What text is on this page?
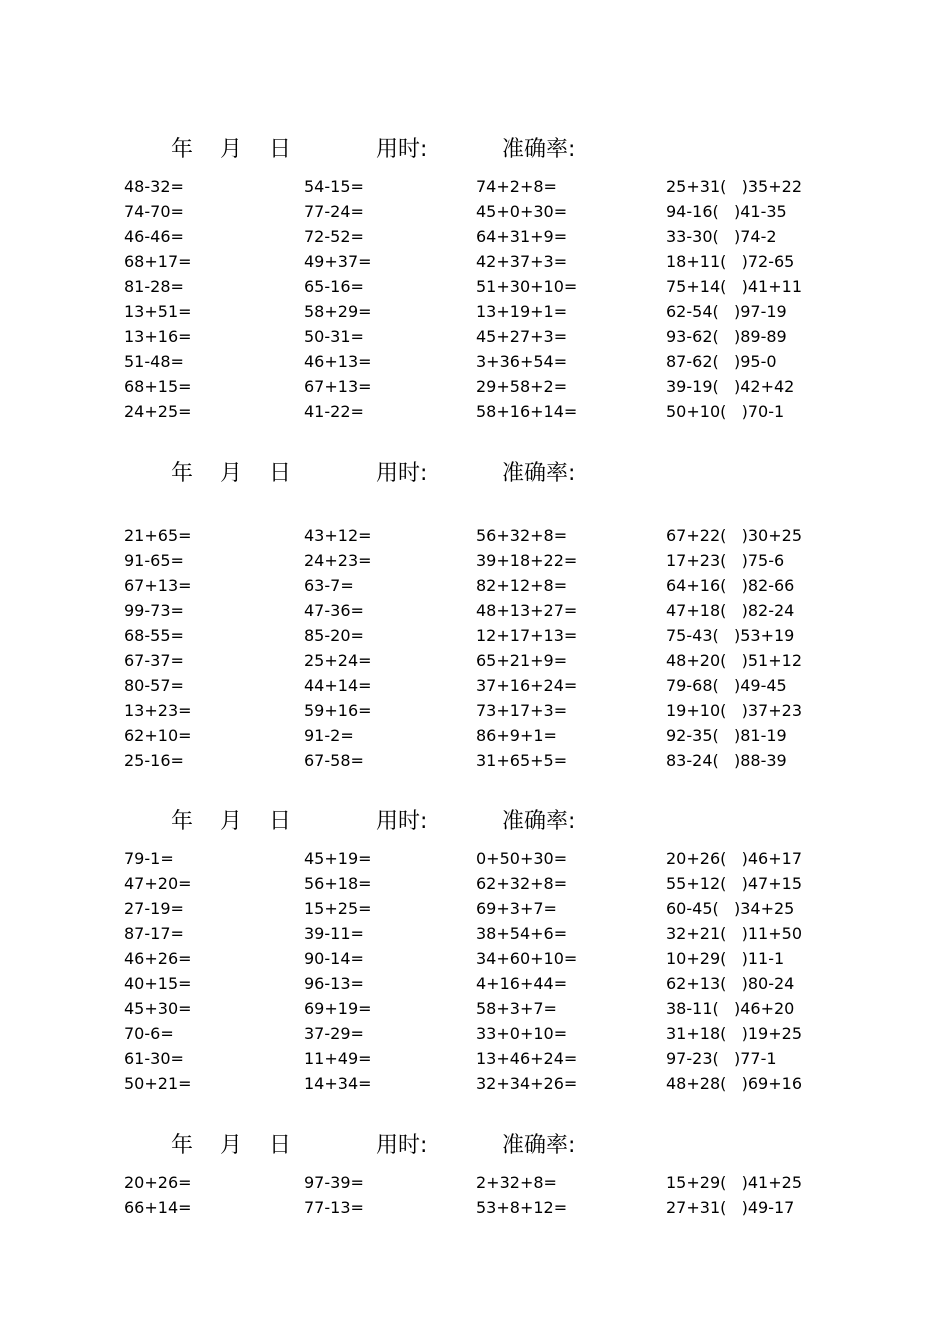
年 月 日	用时:	准确率:
年 月 日	用时:	准确率:
年 月 日	用时:	准确率:
年 月 日	用时:	准确率:
48-32=	54-15=	74+2+8=	25+31(   )35+22
74-70=	77-24=	45+0+30=	94-16(   )41-35
46-46=	72-52=	64+31+9=	33-30(   )74-2
68+17=	49+37=	42+37+3=	18+11(   )72-65
81-28=	65-16=	51+30+10=	75+14(   )41+11
13+51=	58+29=	13+19+1=	62-54(   )97-19
13+16=	50-31=	45+27+3=	93-62(   )89-89
51-48=	46+13=	3+36+54=	87-62(   )95-0
68+15=	67+13=	29+58+2=	39-19(   )42+42
24+25=	41-22=	58+16+14=	50+10(   )70-1
21+65=	43+12=	56+32+8=	67+22(   )30+25
91-65=	24+23=	39+18+22=	17+23(   )75-6
67+13=	63-7=	82+12+8=	64+16(   )82-66
99-73=	47-36=	48+13+27=	47+18(   )82-24
68-55=	85-20=	12+17+13=	75-43(   )53+19
67-37=	25+24=	65+21+9=	48+20(   )51+12
80-57=	44+14=	37+16+24=	79-68(   )49-45
13+23=	59+16=	73+17+3=	19+10(   )37+23
62+10=	91-2=	86+9+1=	92-35(   )81-19
25-16=	67-58=	31+65+5=	83-24(   )88-39
79-1=	45+19=	0+50+30=	20+26(   )46+17
47+20=	56+18=	62+32+8=	55+12(   )47+15
27-19=	15+25=	69+3+7=	60-45(   )34+25
87-17=	39-11=	38+54+6=	32+21(   )11+50
46+26=	90-14=	34+60+10=	10+29(   )11-1
40+15=	96-13=	4+16+44=	62+13(   )80-24
45+30=	69+19=	58+3+7=	38-11(   )46+20
70-6=	37-29=	33+0+10=	31+18(   )19+25
61-30=	11+49=	13+46+24=	97-23(   )77-1
50+21=	14+34=	32+34+26=	48+28(   )69+16
20+26=	97-39=	2+32+8=	15+29(   )41+25
66+14=	77-13=	53+8+12=	27+31(   )49-17
